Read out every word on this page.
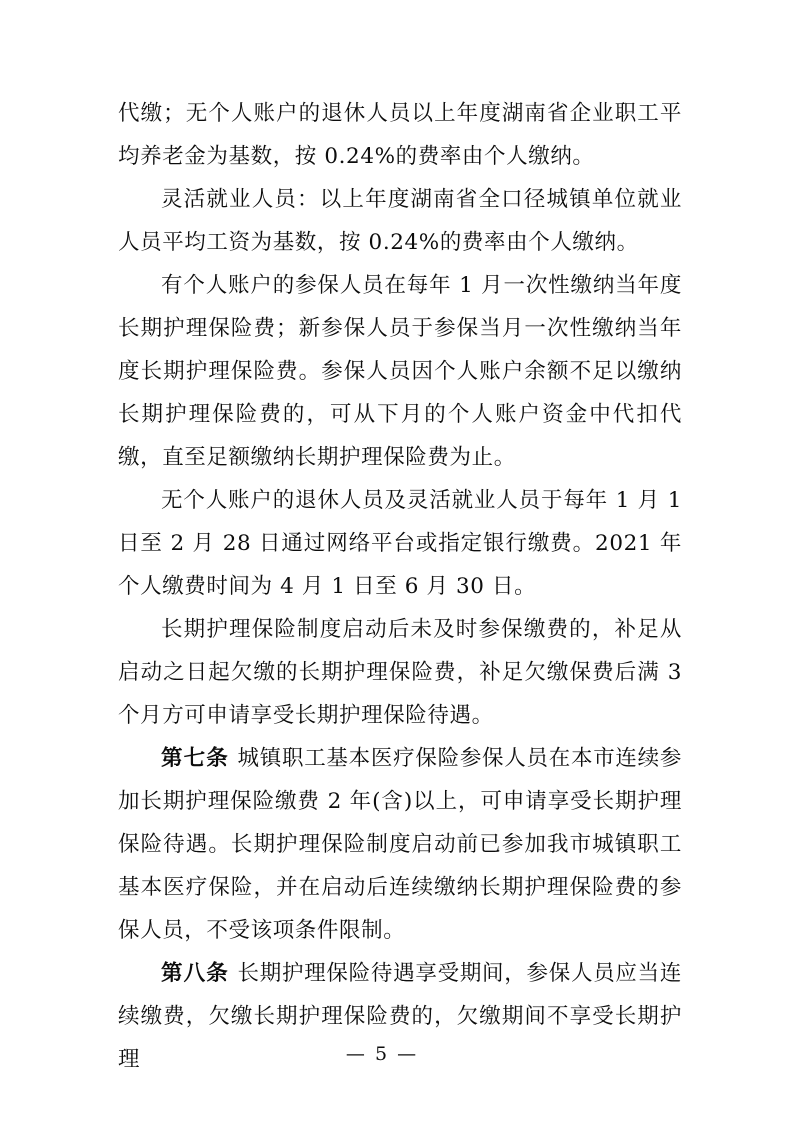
代缴；无个人账户的退休人员以上年度湖南省企业职工平均养老金为基数，按 0.24%的费率由个人缴纳。

灵活就业人员：以上年度湖南省全口径城镇单位就业人员平均工资为基数，按 0.24%的费率由个人缴纳。

有个人账户的参保人员在每年 1 月一次性缴纳当年度长期护理保险费；新参保人员于参保当月一次性缴纳当年度长期护理保险费。参保人员因个人账户余额不足以缴纳长期护理保险费的，可从下月的个人账户资金中代扣代缴，直至足额缴纳长期护理保险费为止。

无个人账户的退休人员及灵活就业人员于每年 1 月 1 日至 2 月 28 日通过网络平台或指定银行缴费。2021 年个人缴费时间为 4 月 1 日至 6 月 30 日。

长期护理保险制度启动后未及时参保缴费的，补足从启动之日起欠缴的长期护理保险费，补足欠缴保费后满 3 个月方可申请享受长期护理保险待遇。

第七条 城镇职工基本医疗保险参保人员在本市连续参加长期护理保险缴费 2 年(含)以上，可申请享受长期护理保险待遇。长期护理保险制度启动前已参加我市城镇职工基本医疗保险，并在启动后连续缴纳长期护理保险费的参保人员，不受该项条件限制。

第八条 长期护理保险待遇享受期间，参保人员应当连续缴费，欠缴长期护理保险费的，欠缴期间不享受长期护理	— 5 —
